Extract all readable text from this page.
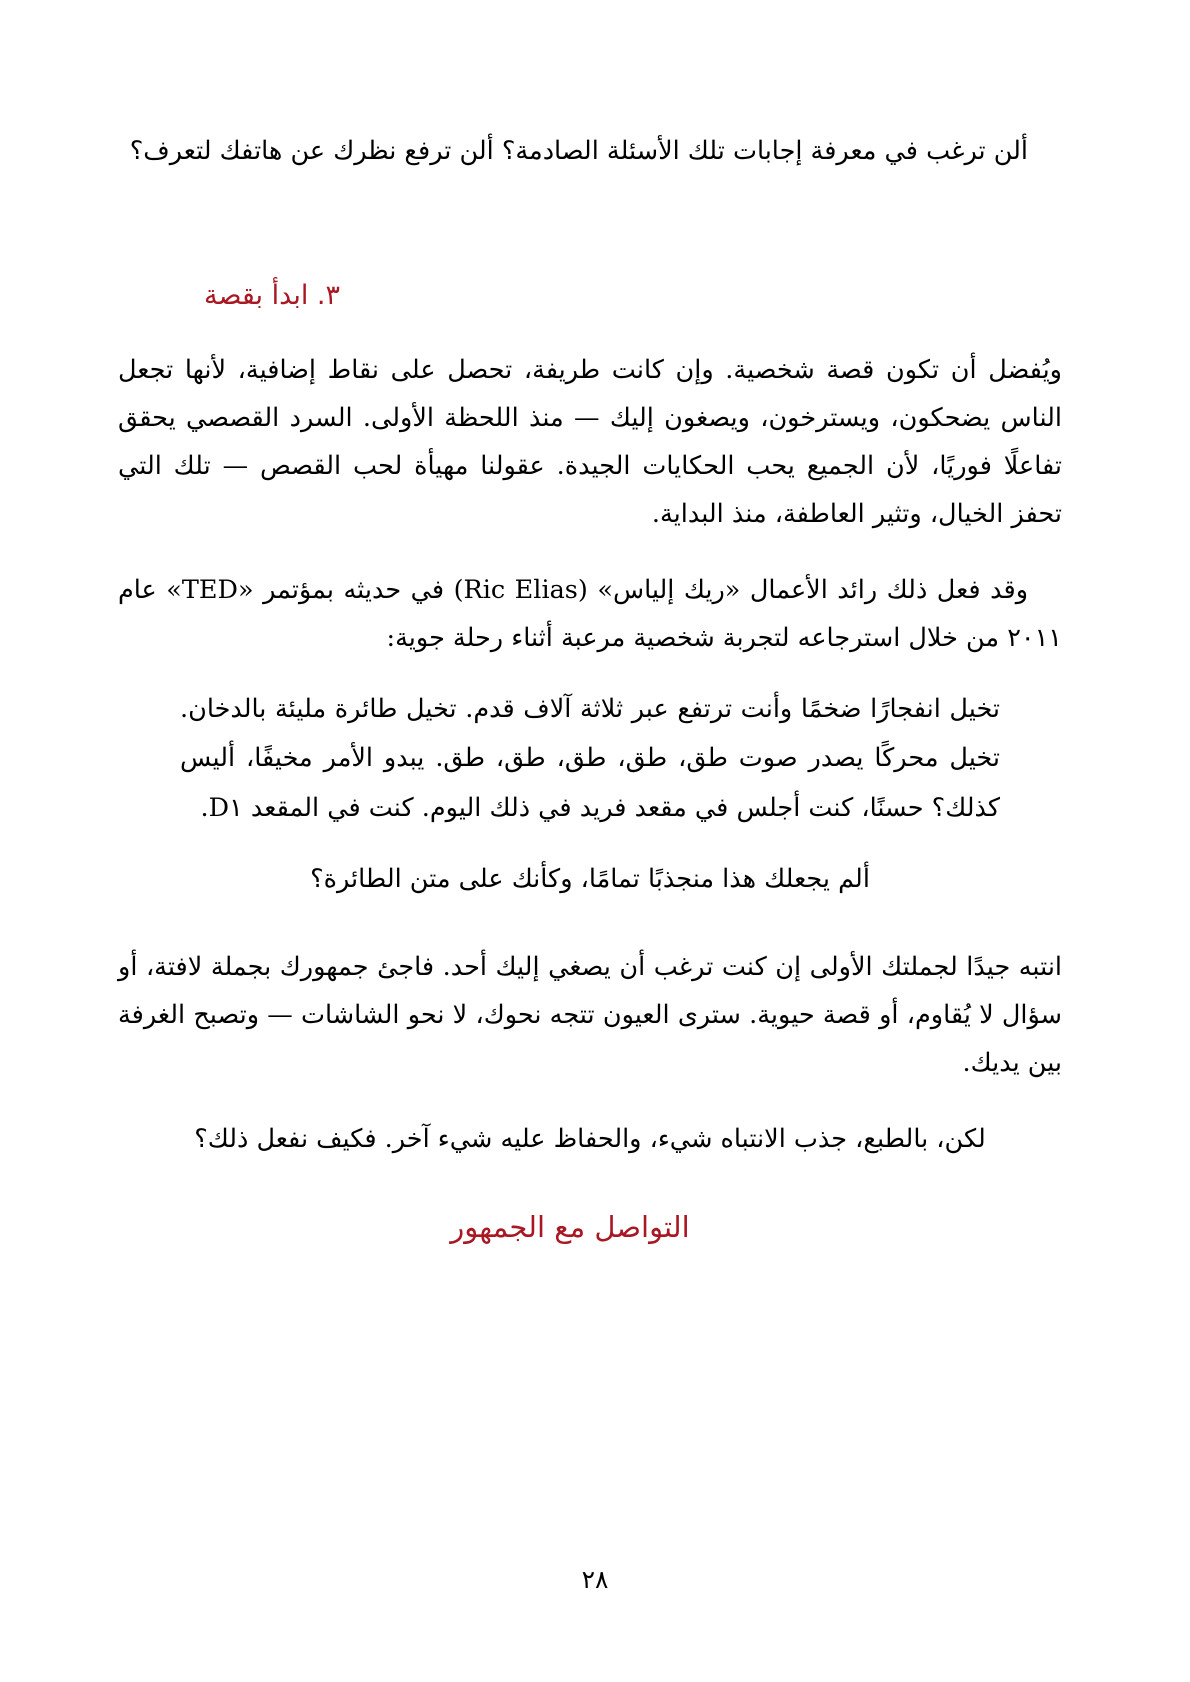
ألن ترغب في معرفة إجابات تلك الأسئلة الصادمة؟ ألن ترفع نظرك عن هاتفك لتعرف؟

٣. ابدأ بقصة

ويُفضل أن تكون قصة شخصية. وإن كانت طريفة، تحصل على نقاط إضافية، لأنها تجعل الناس يضحكون، ويسترخون، ويصغون إليك — منذ اللحظة الأولى. السرد القصصي يحقق تفاعلًا فوريًا، لأن الجميع يحب الحكايات الجيدة. عقولنا مهيأة لحب القصص — تلك التي تحفز الخيال، وتثير العاطفة، منذ البداية.

وقد فعل ذلك رائد الأعمال «ريك إلياس» (Ric Elias) في حديثه بمؤتمر «TED» عام ٢٠١١ من خلال استرجاعه لتجربة شخصية مرعبة أثناء رحلة جوية:

تخيل انفجارًا ضخمًا وأنت ترتفع عبر ثلاثة آلاف قدم. تخيل طائرة مليئة بالدخان. تخيل محركًا يصدر صوت طق، طق، طق، طق، طق. يبدو الأمر مخيفًا، أليس كذلك؟ حسنًا، كنت أجلس في مقعد فريد في ذلك اليوم. كنت في المقعد D١.

ألم يجعلك هذا منجذبًا تمامًا، وكأنك على متن الطائرة؟

انتبه جيدًا لجملتك الأولى إن كنت ترغب أن يصغي إليك أحد. فاجئ جمهورك بجملة لافتة، أو سؤال لا يُقاوم، أو قصة حيوية. سترى العيون تتجه نحوك، لا نحو الشاشات — وتصبح الغرفة بين يديك.

لكن، بالطبع، جذب الانتباه شيء، والحفاظ عليه شيء آخر. فكيف نفعل ذلك؟

التواصل مع الجمهور
٢٨
